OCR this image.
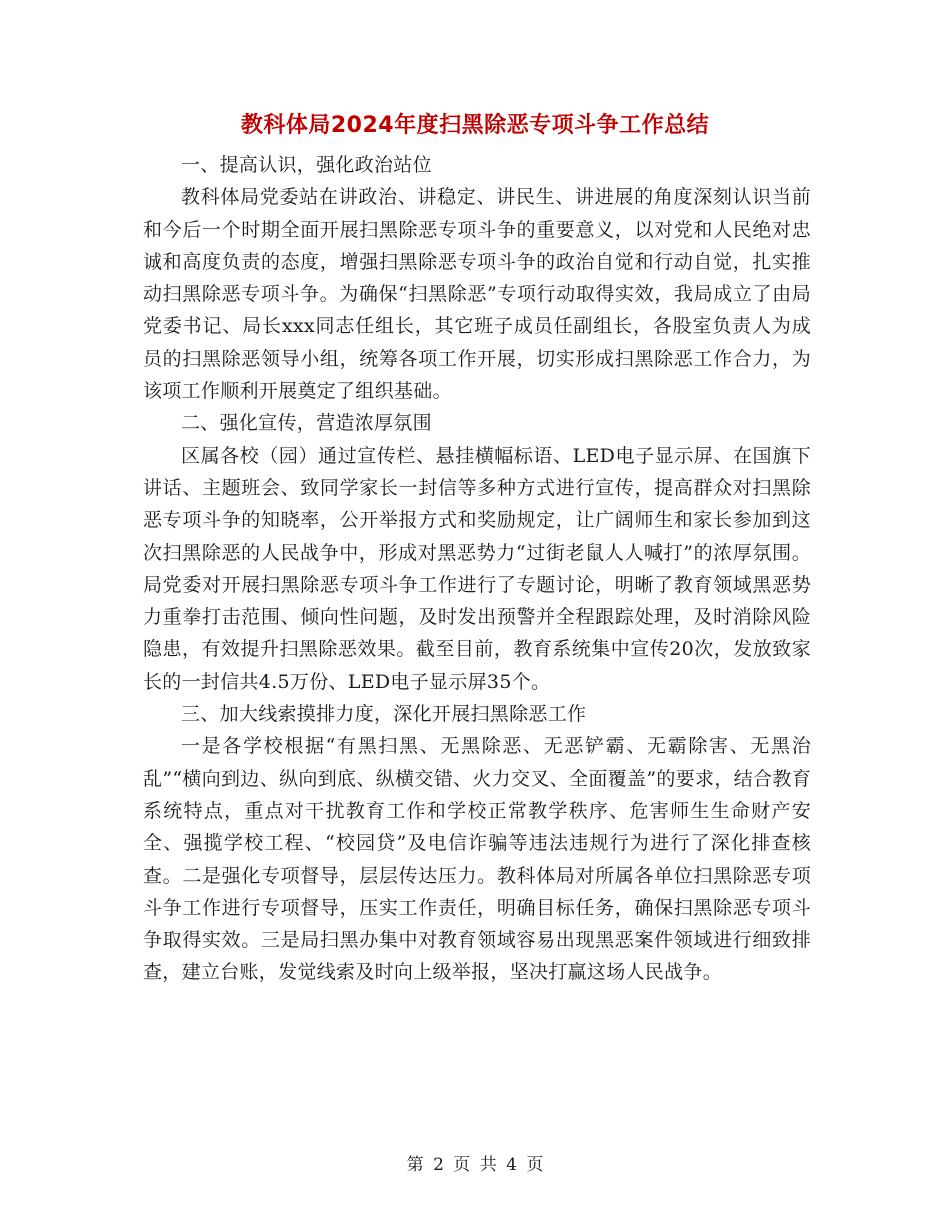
教科体局2024年度扫黑除恶专项斗争工作总结

一、提高认识，强化政治站位

教科体局党委站在讲政治、讲稳定、讲民生、讲进展的角度深刻认识当前和今后一个时期全面开展扫黑除恶专项斗争的重要意义，以对党和人民绝对忠诚和高度负责的态度，增强扫黑除恶专项斗争的政治自觉和行动自觉，扎实推动扫黑除恶专项斗争。为确保“扫黑除恶”专项行动取得实效，我局成立了由局党委书记、局长xxx同志任组长，其它班子成员任副组长，各股室负责人为成员的扫黑除恶领导小组，统筹各项工作开展，切实形成扫黑除恶工作合力，为该项工作顺利开展奠定了组织基础。

二、强化宣传，营造浓厚氛围

区属各校（园）通过宣传栏、悬挂横幅标语、LED电子显示屏、在国旗下讲话、主题班会、致同学家长一封信等多种方式进行宣传，提高群众对扫黑除恶专项斗争的知晓率，公开举报方式和奖励规定，让广阔师生和家长参加到这次扫黑除恶的人民战争中，形成对黑恶势力“过街老鼠人人喊打”的浓厚氛围。局党委对开展扫黑除恶专项斗争工作进行了专题讨论，明晰了教育领域黑恶势力重拳打击范围、倾向性问题，及时发出预警并全程跟踪处理，及时消除风险隐患，有效提升扫黑除恶效果。截至目前，教育系统集中宣传20次，发放致家长的一封信共4.5万份、LED电子显示屏35个。

三、加大线索摸排力度，深化开展扫黑除恶工作

一是各学校根据“有黑扫黑、无黑除恶、无恶铲霸、无霸除害、无黑治乱”“横向到边、纵向到底、纵横交错、火力交叉、全面覆盖”的要求，结合教育系统特点，重点对干扰教育工作和学校正常教学秩序、危害师生生命财产安全、强揽学校工程、“校园贷”及电信诈骗等违法违规行为进行了深化排查核查。二是强化专项督导，层层传达压力。教科体局对所属各单位扫黑除恶专项斗争工作进行专项督导，压实工作责任，明确目标任务，确保扫黑除恶专项斗争取得实效。三是局扫黑办集中对教育领域容易出现黑恶案件领域进行细致排查，建立台账，发觉线索及时向上级举报，坚决打赢这场人民战争。

第 2 页 共 4 页
